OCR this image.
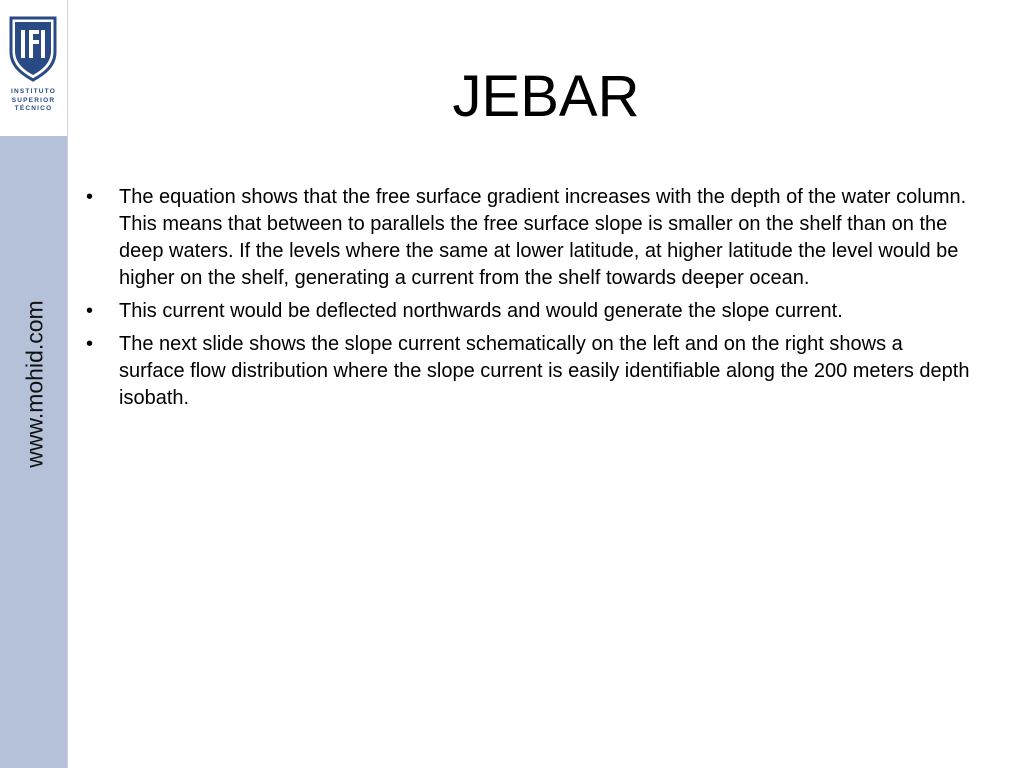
INSTITUTO
SUPERIOR
TÉCNICO
www.mohid.com
JEBAR
• The equation shows that the free surface gradient increases with the depth of the water column. This means that between to parallels the free surface slope is smaller on the shelf than on the deep waters. If the levels where the same at lower latitude, at higher latitude the level would be higher on the shelf, generating a current from the shelf towards deeper ocean.
• This current would be deflected northwards and would generate the slope current.
• The next slide shows the slope current schematically on the left and on the right shows a surface flow distribution where the slope current is easily identifiable along the 200 meters depth isobath.
